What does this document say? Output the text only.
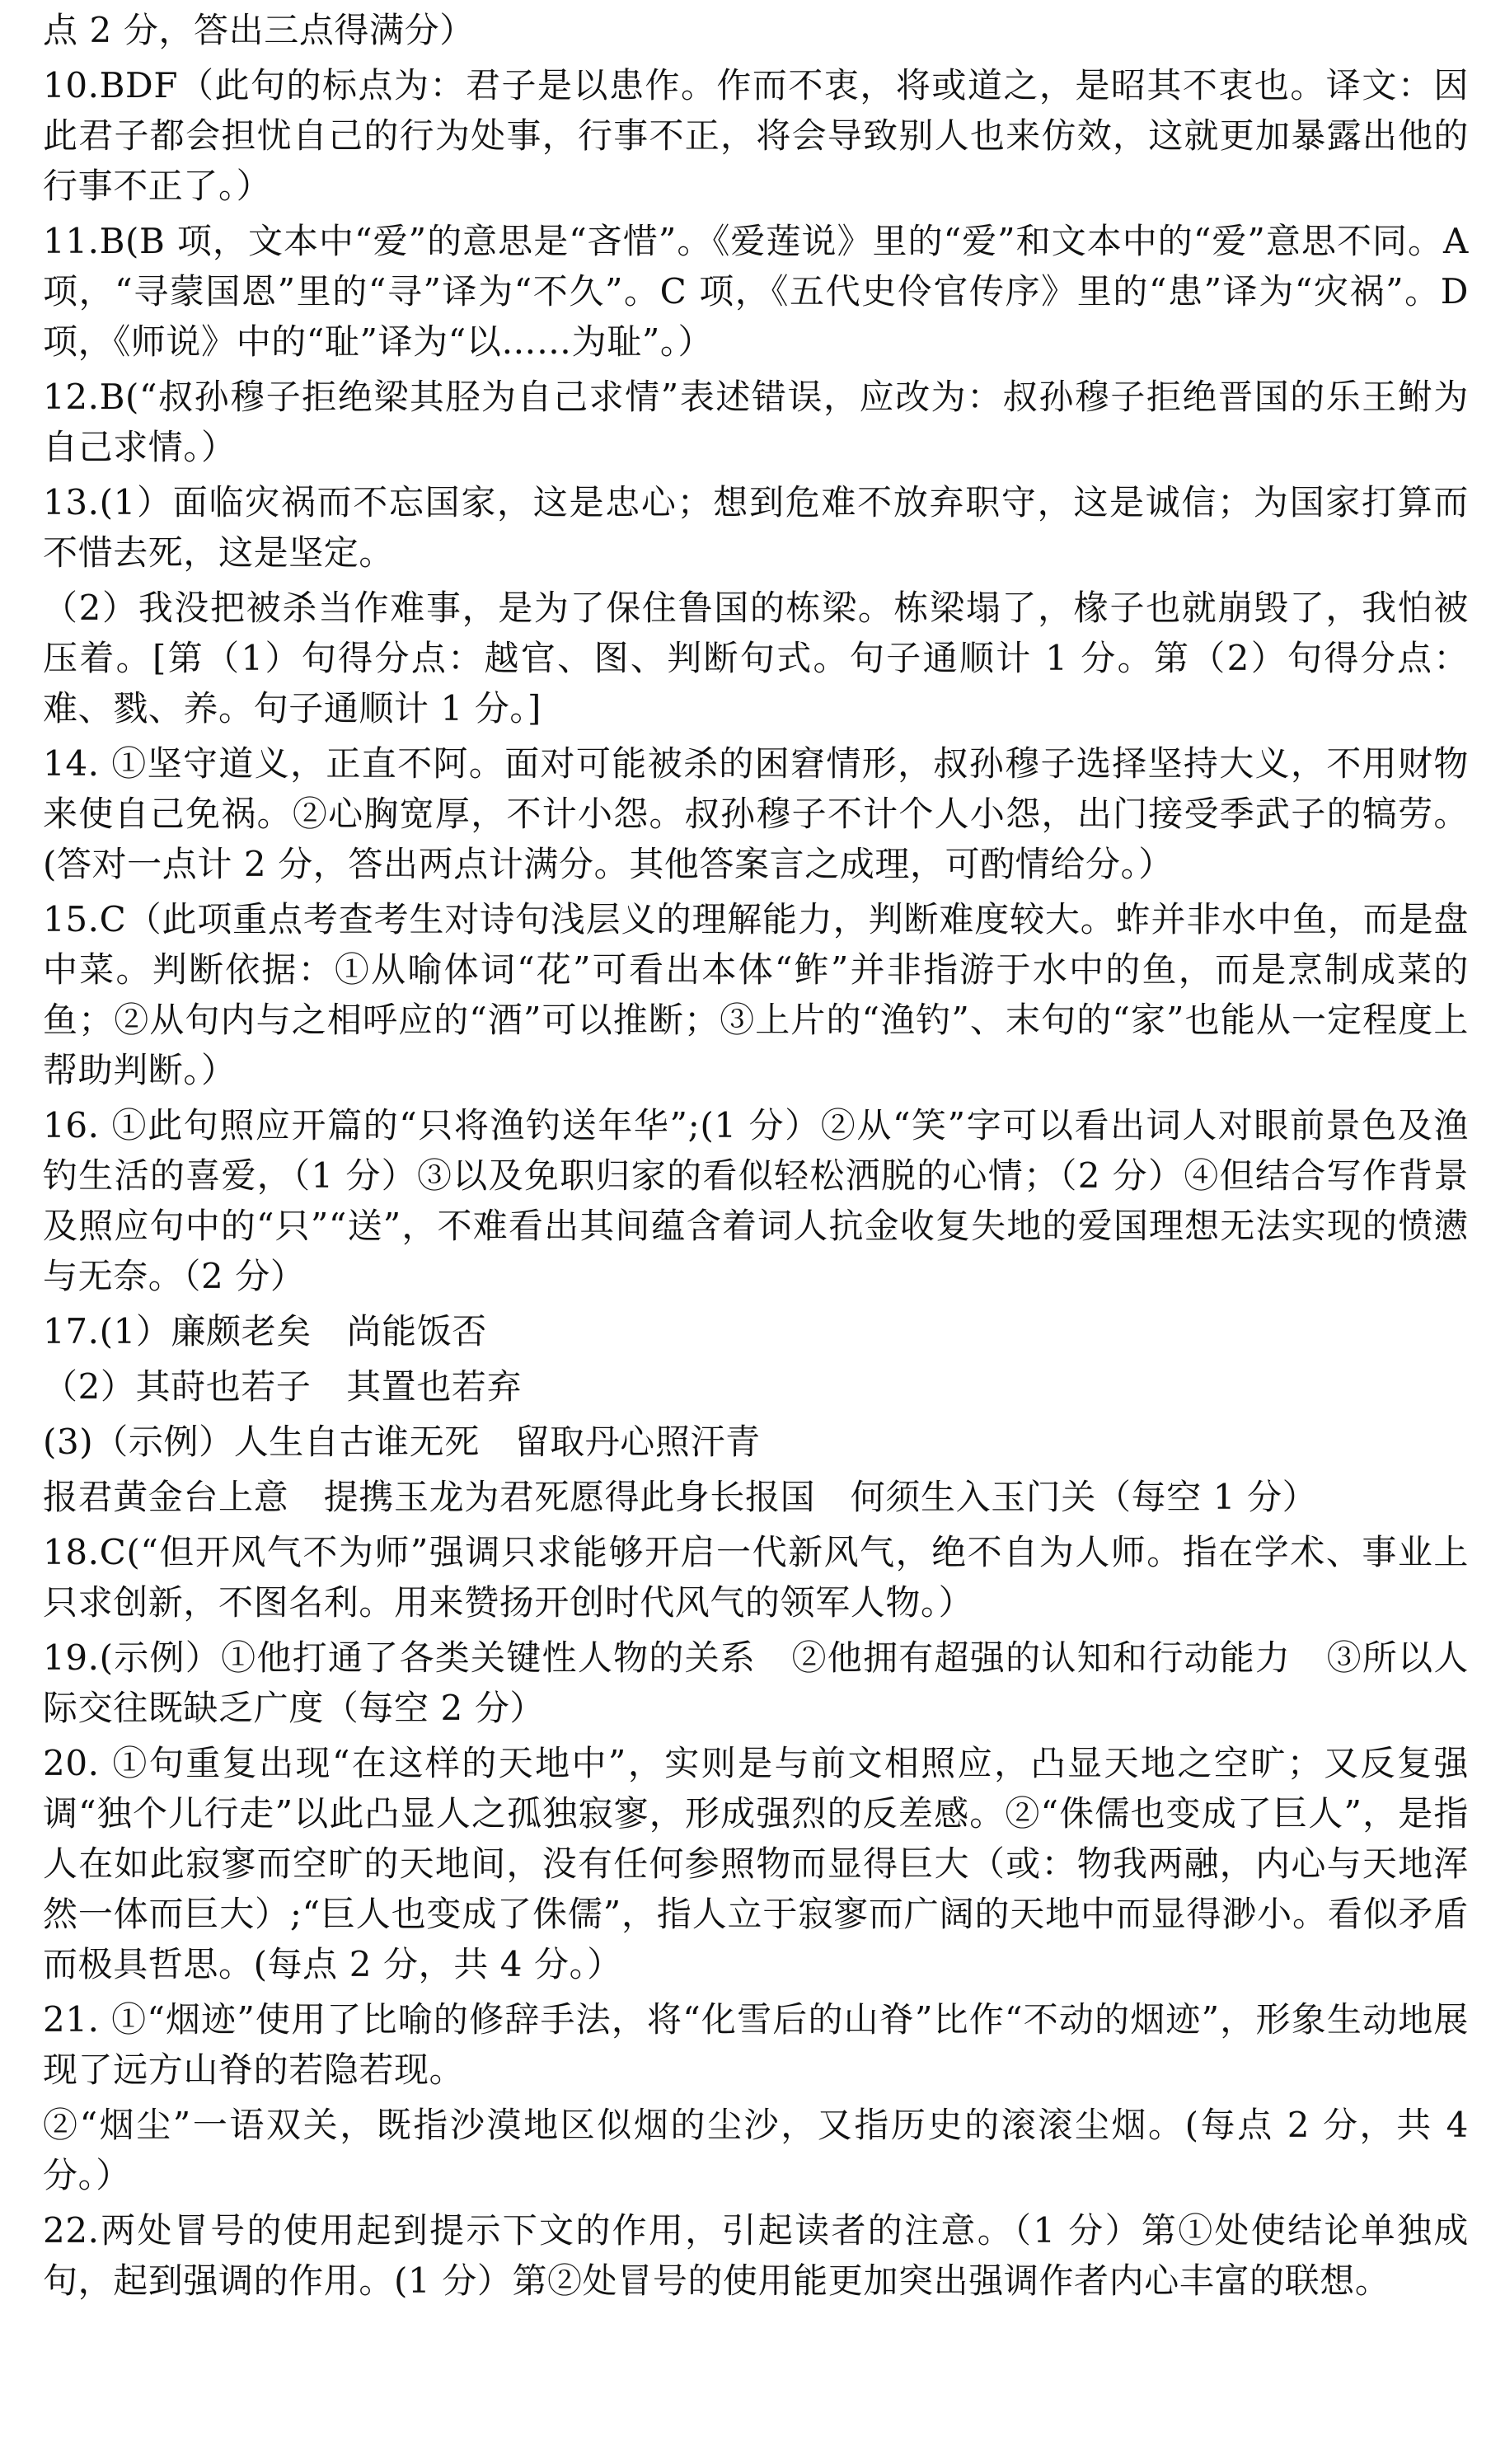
点 2 分，答出三点得满分）

10.BDF（此句的标点为：君子是以患作。作而不衷，将或道之，是昭其不衷也。译文：因此君子都会担忧自己的行为处事，行事不正，将会导致别人也来仿效，这就更加暴露出他的行事不正了。）

11.B(B 项，文本中“爱”的意思是“吝惜”。《爱莲说》里的“爱”和文本中的“爱”意思不同。A 项，“寻蒙国恩”里的“寻”译为“不久”。C 项，《五代史伶官传序》里的“患”译为“灾祸”。D 项，《师说》中的“耻”译为“以……为耻”。）

12.B(“叔孙穆子拒绝梁其胫为自己求情”表述错误，应改为：叔孙穆子拒绝晋国的乐王鲋为自己求情。）

13.(1）面临灾祸而不忘国家，这是忠心；想到危难不放弃职守，这是诚信；为国家打算而不惜去死，这是坚定。

（2）我没把被杀当作难事，是为了保住鲁国的栋梁。栋梁塌了，椽子也就崩毁了，我怕被压着。[第（1）句得分点：越官、图、判断句式。句子通顺计 1 分。第（2）句得分点：难、戮、养。句子通顺计 1 分。]

14. ①坚守道义，正直不阿。面对可能被杀的困窘情形，叔孙穆子选择坚持大义，不用财物来使自己免祸。②心胸宽厚，不计小怨。叔孙穆子不计个人小怨，出门接受季武子的犒劳。(答对一点计 2 分，答出两点计满分。其他答案言之成理，可酌情给分。）

15.C（此项重点考查考生对诗句浅层义的理解能力，判断难度较大。蚱并非水中鱼，而是盘中菜。判断依据：①从喻体词“花”可看出本体“鲊”并非指游于水中的鱼，而是烹制成菜的鱼；②从句内与之相呼应的“酒”可以推断；③上片的“渔钓”、末句的“家”也能从一定程度上帮助判断。）

16. ①此句照应开篇的“只将渔钓送年华”;(1 分）②从“笑”字可以看出词人对眼前景色及渔钓生活的喜爱，（1 分）③以及免职归家的看似轻松洒脱的心情；（2 分）④但结合写作背景及照应句中的“只”“送”，不难看出其间蕴含着词人抗金收复失地的爱国理想无法实现的愤懑与无奈。（2 分）

17.(1）廉颇老矣　尚能饭否

（2）其莳也若子　其置也若弃

(3)（示例）人生自古谁无死　留取丹心照汗青

报君黄金台上意　提携玉龙为君死愿得此身长报国　何须生入玉门关（每空 1 分）

18.C(“但开风气不为师”强调只求能够开启一代新风气，绝不自为人师。指在学术、事业上只求创新，不图名利。用来赞扬开创时代风气的领军人物。）

19.(示例）①他打通了各类关键性人物的关系　②他拥有超强的认知和行动能力　③所以人际交往既缺乏广度（每空 2 分）

20. ①句重复出现“在这样的天地中”，实则是与前文相照应，凸显天地之空旷；又反复强调“独个儿行走”以此凸显人之孤独寂寥，形成强烈的反差感。②“侏儒也变成了巨人”，是指人在如此寂寥而空旷的天地间，没有任何参照物而显得巨大（或：物我两融，内心与天地浑然一体而巨大）;“巨人也变成了侏儒”，指人立于寂寥而广阔的天地中而显得渺小。看似矛盾而极具哲思。(每点 2 分，共 4 分。）

21. ①“烟迹”使用了比喻的修辞手法，将“化雪后的山脊”比作“不动的烟迹”，形象生动地展现了远方山脊的若隐若现。

②“烟尘”一语双关，既指沙漠地区似烟的尘沙，又指历史的滚滚尘烟。(每点 2 分，共 4 分。）

22.两处冒号的使用起到提示下文的作用，引起读者的注意。（1 分）第①处使结论单独成句，起到强调的作用。(1 分）第②处冒号的使用能更加突出强调作者内心丰富的联想。
